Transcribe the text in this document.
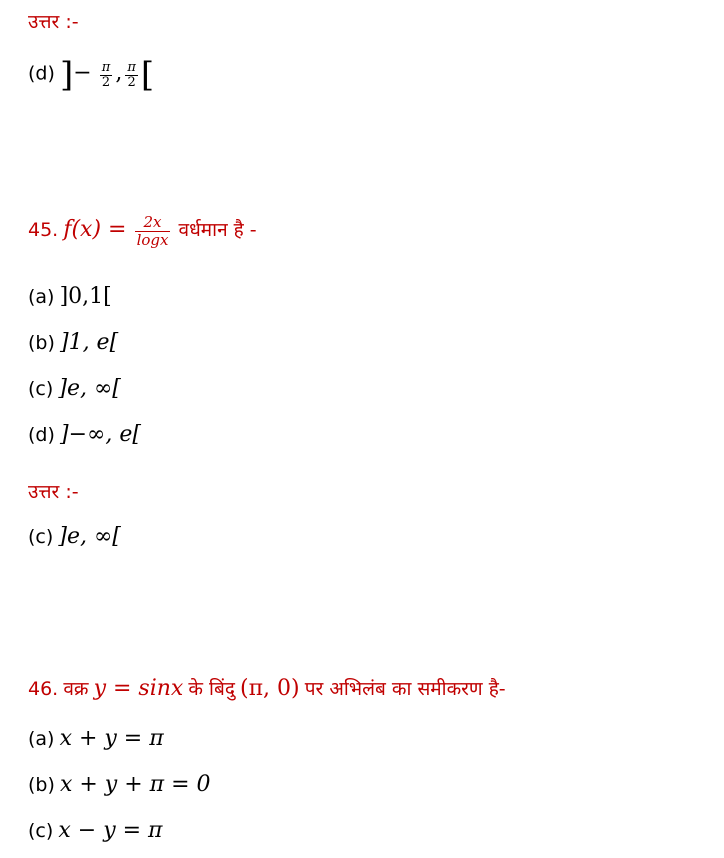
उत्तर :-
(d) ]− $\frac{\pi}{2}$ , $\frac{\pi}{2}$ [
45. $f(x) = \frac{2x}{\log x}$ वर्धमान है -
(a) ]0,1[
(b) ]1, e[
(c) ]e, ∞[
(d) ]−∞, e[
उत्तर :-
(c) ]e, ∞[
46. वक्र y = sinx के बिंदु (π, 0) पर अभिलंब का समीकरण है-
(a) x + y = π
(b) x + y + π = 0
(c) x − y = π
